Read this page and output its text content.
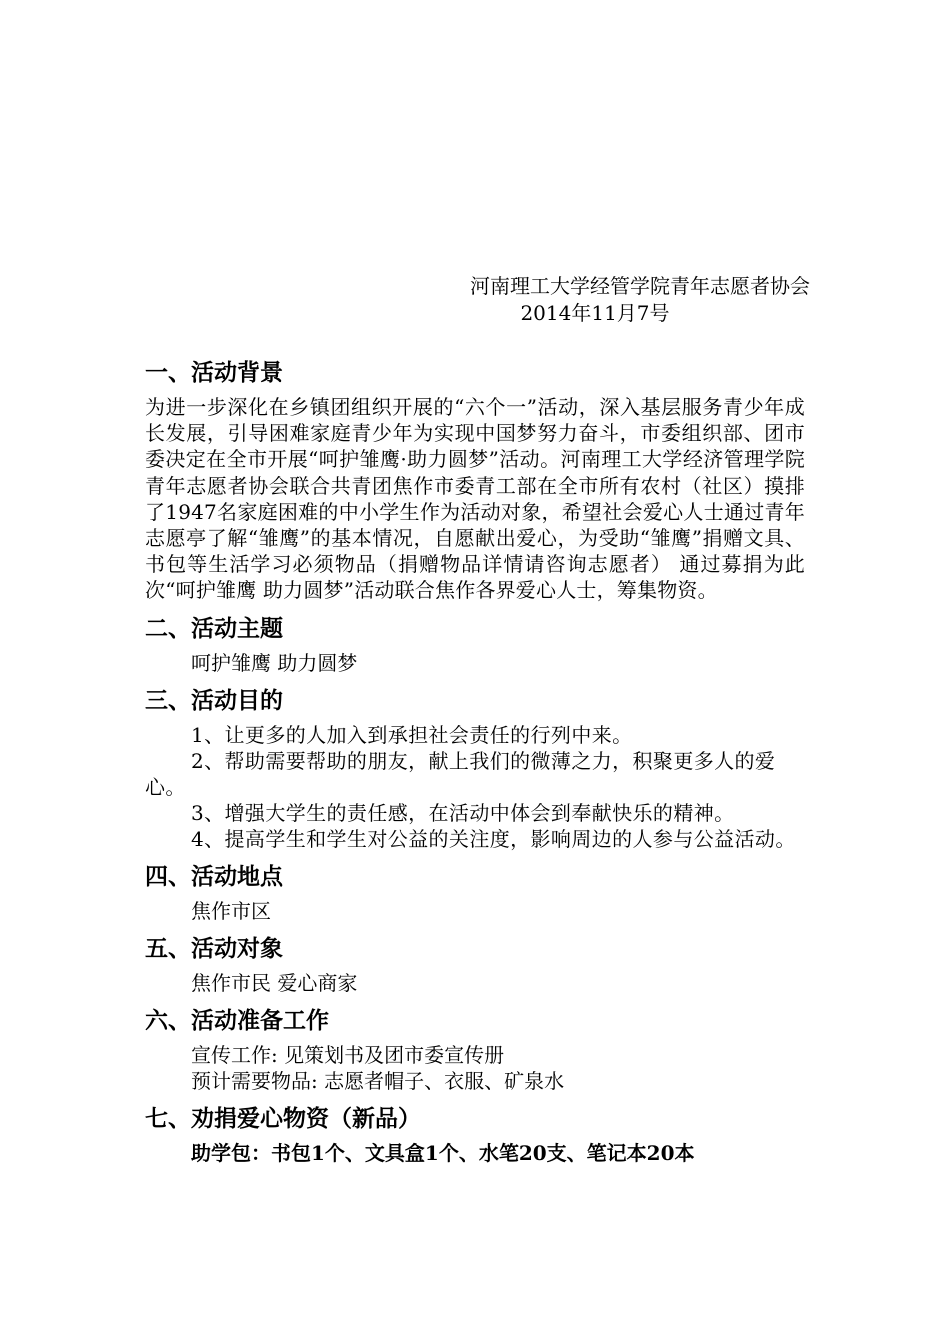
河南理工大学经管学院青年志愿者协会
2014年11月7号
一、活动背景
为进一步深化在乡镇团组织开展的“六个一”活动，深入基层服务青少年成长发展，引导困难家庭青少年为实现中国梦努力奋斗，市委组织部、团市委决定在全市开展“呵护雏鹰·助力圆梦”活动。河南理工大学经济管理学院青年志愿者协会联合共青团焦作市委青工部在全市所有农村（社区）摸排了1947名家庭困难的中小学生作为活动对象，希望社会爱心人士通过青年志愿亭了解“雏鹰”的基本情况，自愿献出爱心，为受助“雏鹰”捐赠文具、书包等生活学习必须物品（捐赠物品详情请咨询志愿者） 通过募捐为此次“呵护雏鹰 助力圆梦”活动联合焦作各界爱心人士，筹集物资。
二、活动主题
呵护雏鹰 助力圆梦
三、活动目的
1、让更多的人加入到承担社会责任的行列中来。
2、帮助需要帮助的朋友，献上我们的微薄之力，积聚更多人的爱心。
3、增强大学生的责任感，在活动中体会到奉献快乐的精神。
4、提高学生和学生对公益的关注度，影响周边的人参与公益活动。
四、活动地点
焦作市区
五、活动对象
焦作市民 爱心商家
六、活动准备工作
宣传工作: 见策划书及团市委宣传册
预计需要物品: 志愿者帽子、衣服、矿泉水
七、劝捐爱心物资（新品）
助学包：书包1个、文具盒1个、水笔20支、笔记本20本
